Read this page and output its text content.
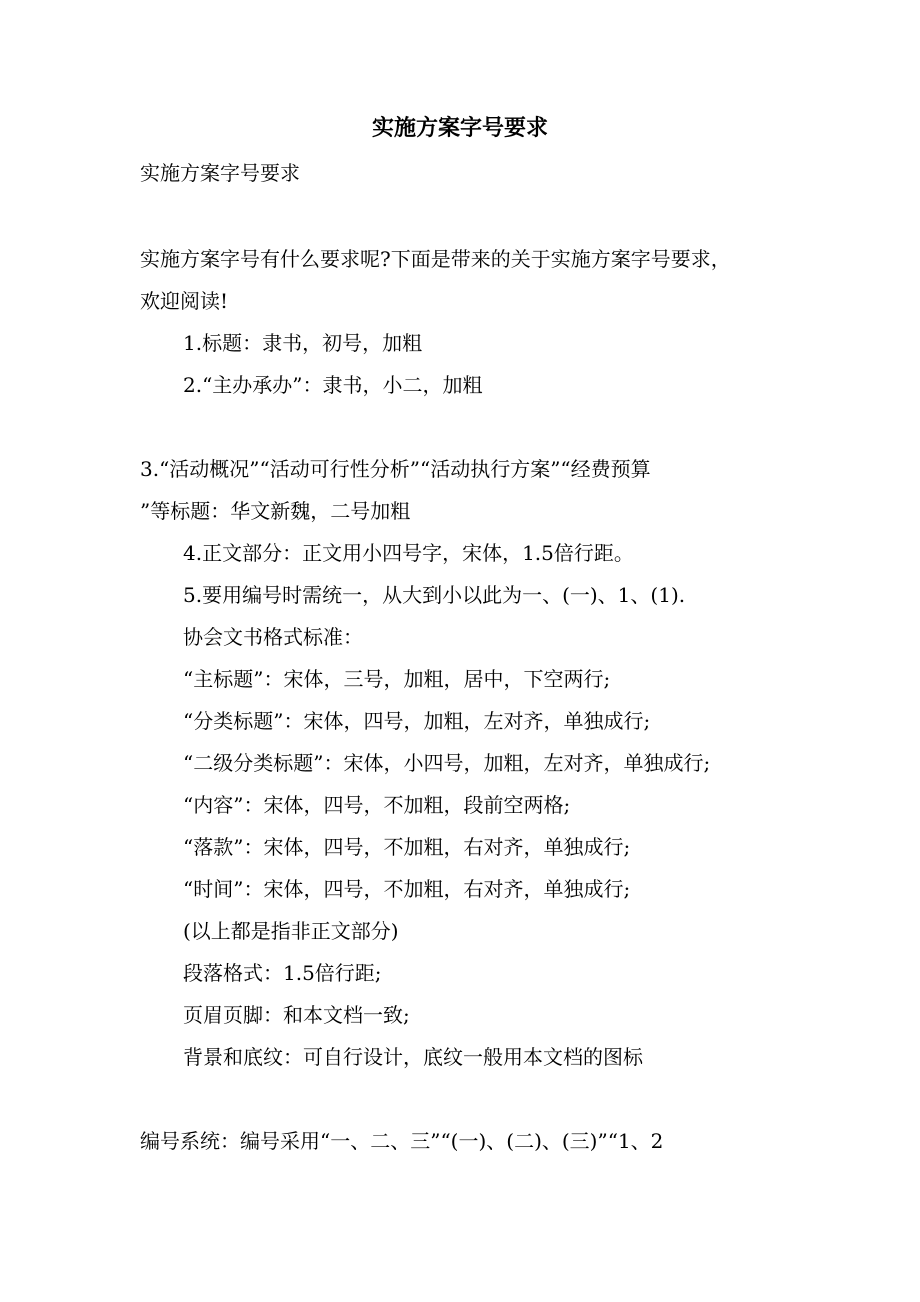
实施方案字号要求
实施方案字号要求
实施方案字号有什么要求呢?下面是带来的关于实施方案字号要求，
欢迎阅读!
1.标题：隶书，初号，加粗
2.“主办承办”：隶书，小二，加粗
3.“活动概况”“活动可行性分析”“活动执行方案”“经费预算
”等标题：华文新魏，二号加粗
4.正文部分：正文用小四号字，宋体，1.5倍行距。
5.要用编号时需统一，从大到小以此为一、(一)、1、(1).
协会文书格式标准：
“主标题”：宋体，三号，加粗，居中，下空两行;
“分类标题”：宋体，四号，加粗，左对齐，单独成行;
“二级分类标题”：宋体，小四号，加粗，左对齐，单独成行;
“内容”：宋体，四号，不加粗，段前空两格;
“落款”：宋体，四号，不加粗，右对齐，单独成行;
“时间”：宋体，四号，不加粗，右对齐，单独成行;
(以上都是指非正文部分)
段落格式：1.5倍行距;
页眉页脚：和本文档一致;
背景和底纹：可自行设计，底纹一般用本文档的图标
编号系统：编号采用“一、二、三”“(一)、(二)、(三)”“1、2
